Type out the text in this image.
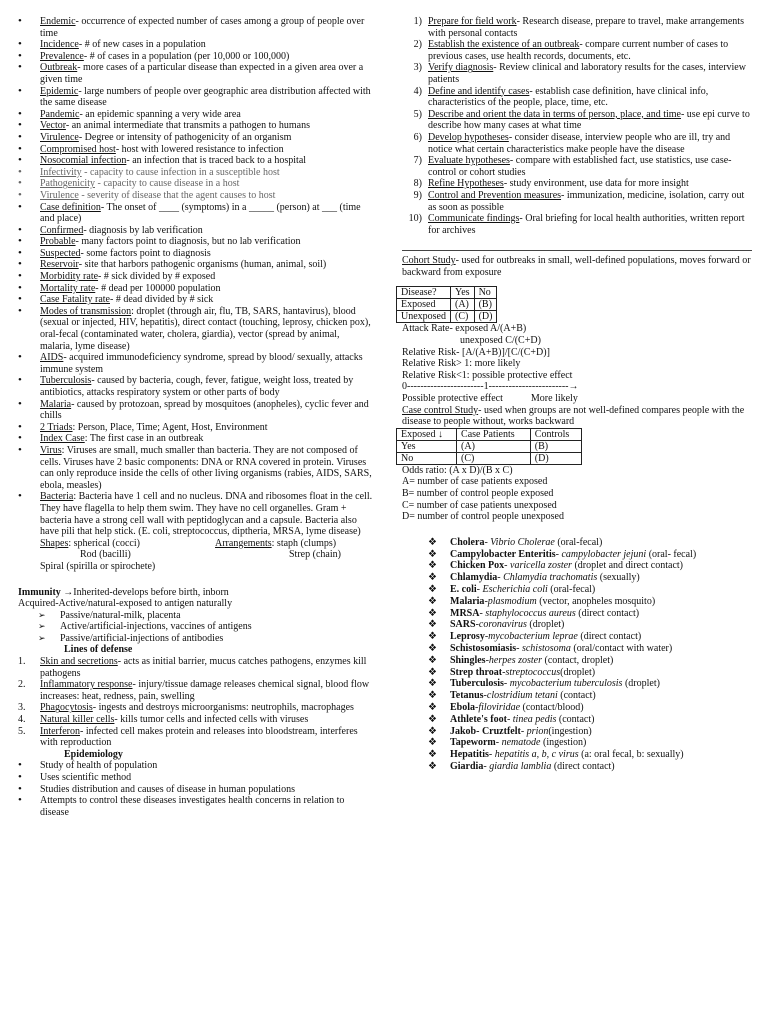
• Endemic- occurrence of expected number of cases among a group of people over time
• Incidence- # of new cases in a population
• Prevalence- # of cases in a population (per 10,000 or 100,000)
• Outbreak- more cases of a particular disease than expected in a given area over a given time
• Epidemic- large numbers of people over geographic area distribution affected with the same disease
• Pandemic- an epidemic spanning a very wide area
• Vector- an animal intermediate that transmits a pathogen to humans
• Virulence- Degree or intensity of pathogenicity of an organism
• Compromised host- host with lowered resistance to infection
• Nosocomial infection- an infection that is traced back to a hospital
• Infectivity - capacity to cause infection in a susceptible host
• Pathogenicity - capacity to cause disease in a host
• Virulence - severity of disease that the agent causes to host
• Case definition- The onset of ____ (symptoms) in a _____ (person) at ___ (time and place)
• Confirmed- diagnosis by lab verification
• Probable- many factors point to diagnosis, but no lab verification
• Suspected- some factors point to diagnosis
• Reservoir- site that harbors pathogenic organisms (human, animal, soil)
• Morbidity rate- # sick divided by # exposed
• Mortality rate- # dead per 100000 population
• Case Fatality rate- # dead divided by # sick
• Modes of transmission: droplet (through air, flu, TB, SARS, hantavirus), blood (sexual or injected, HIV, hepatitis), direct contact (touching, leprosy, chicken pox), oral-fecal (contaminated water, cholera, giardia), vector (spread by animal, malaria, lyme disease)
• AIDS- acquired immunodeficiency syndrome, spread by blood/ sexually, attacks immune system
• Tuberculosis- caused by bacteria, cough, fever, fatigue, weight loss, treated by antibiotics, attacks respiratory system or other parts of body
• Malaria- caused by protozoan, spread by mosquitoes (anopheles), cyclic fever and chills
• 2 Triads: Person, Place, Time; Agent, Host, Environment
• Index Case: The first case in an outbreak
• Virus: Viruses are small, much smaller than bacteria. They are not composed of cells. Viruses have 2 basic components: DNA or RNA covered in protein. Viruses can only reproduce inside the cells of other living organisms (rabies, AIDS, SARS, ebola, measles)
• Bacteria: Bacteria have 1 cell and no nucleus. DNA and ribosomes float in the cell. They have flagella to help them swim. They have no cell organelles. Gram + bacteria have a strong cell wall with peptidoglycan and a capsule. Bacteria also have pili that help stick. (E. coli, streptococcus, diptheria, MRSA, lyme disease)
Shapes: spherical (cocci)	Arrangements: staph (clumps)
Rod (bacilli)	Strep (chain)
Spiral (spirilla or spirochete)
Immunity →Inherited-develops before birth, inborn
Acquired-Active/natural-exposed to antigen naturally
➢ Passive/natural-milk, placenta
➢ Active/artificial-injections, vaccines of antigens
➢ Passive/artificial-injections of antibodies
Lines of defense
1.	Skin and secretions- acts as initial barrier, mucus catches pathogens, enzymes kill pathogens
2.	Inflammatory response- injury/tissue damage releases chemical signal, blood flow increases: heat, redness, pain, swelling
3.	Phagocytosis- ingests and destroys microorganisms: neutrophils, macrophages
4.	Natural killer cells- kills tumor cells and infected cells with viruses
5.	Interferon- infected cell makes protein and releases into bloodstream, interferes with reproduction
Epidemiology
• Study of health of population
• Uses scientific method
• Studies distribution and causes of disease in human populations
• Attempts to control these diseases investigates health concerns in relation to disease
1) Prepare for field work- Research disease, prepare to travel, make arrangements with personal contacts
2) Establish the existence of an outbreak- compare current number of cases to previous cases, use health records, documents, etc.
3) Verify diagnosis- Review clinical and laboratory results for the cases, interview patients
4) Define and identify cases- establish case definition, have clinical info, characteristics of the people, place, time, etc.
5) Describe and orient the data in terms of person, place, and time- use epi curve to describe how many cases at what time
6) Develop hypotheses- consider disease, interview people who are ill, try and notice what certain characteristics make people have the disease
7) Evaluate hypotheses- compare with established fact, use statistics, use case-control or cohort studies
8) Refine Hypotheses- study environment, use data for more insight
9) Control and Prevention measures- immunization, medicine, isolation, carry out as soon as possible
10) Communicate findings- Oral briefing for local health authorities, written report for archives
Cohort Study- used for outbreaks in small, well-defined populations, moves forward or backward from exposure
Disease?	Yes	No
Exposed	(A)	(B)
Unexposed	(C)	(D)
Attack Rate- exposed A/(A+B)
unexposed C/(C+D)
Relative Risk- [A/(A+B)]/[C/(C+D)]
Relative Risk> 1: more likely
Relative Risk<1: possible protective effect
0-----------------------1------------------------→
Possible protective effect	More likely
Case control Study- used when groups are not well-defined compares people with the disease to people without, works backward
Exposed ↓	Case Patients	Controls
Yes	(A)	(B)
No	(C)	(D)
Odds ratio: (A x D)/(B x C)
A= number of case patients exposed
B= number of control people exposed
C= number of case patients unexposed
D= number of control people unexposed
❖ Cholera- Vibrio Cholerae (oral-fecal)
❖ Campylobacter Enteritis- campylobacter jejuni (oral- fecal)
❖ Chicken Pox- varicella zoster (droplet and direct contact)
❖ Chlamydia- Chlamydia trachomatis (sexually)
❖ E. coli- Escherichia coli (oral-fecal)
❖ Malaria-plasmodium (vector, anopheles mosquito)
❖ MRSA- staphylococcus aureus (direct contact)
❖ SARS-coronavirus (droplet)
❖ Leprosy-mycobacterium leprae (direct contact)
❖ Schistosomiasis- schistosoma (oral/contact with water)
❖ Shingles-herpes zoster (contact, droplet)
❖ Strep throat-streptococcus(droplet)
❖ Tuberculosis- mycobacterium tuberculosis (droplet)
❖ Tetanus-clostridium tetani (contact)
❖ Ebola-filoviridae (contact/blood)
❖ Athlete's foot- tinea pedis (contact)
❖ Jakob- Cruztfelt- prion(ingestion)
❖ Tapeworm- nematode (ingestion)
❖ Hepatitis- hepatitis a, b, c virus (a: oral fecal, b: sexually)
❖ Giardia- giardia lamblia (direct contact)
